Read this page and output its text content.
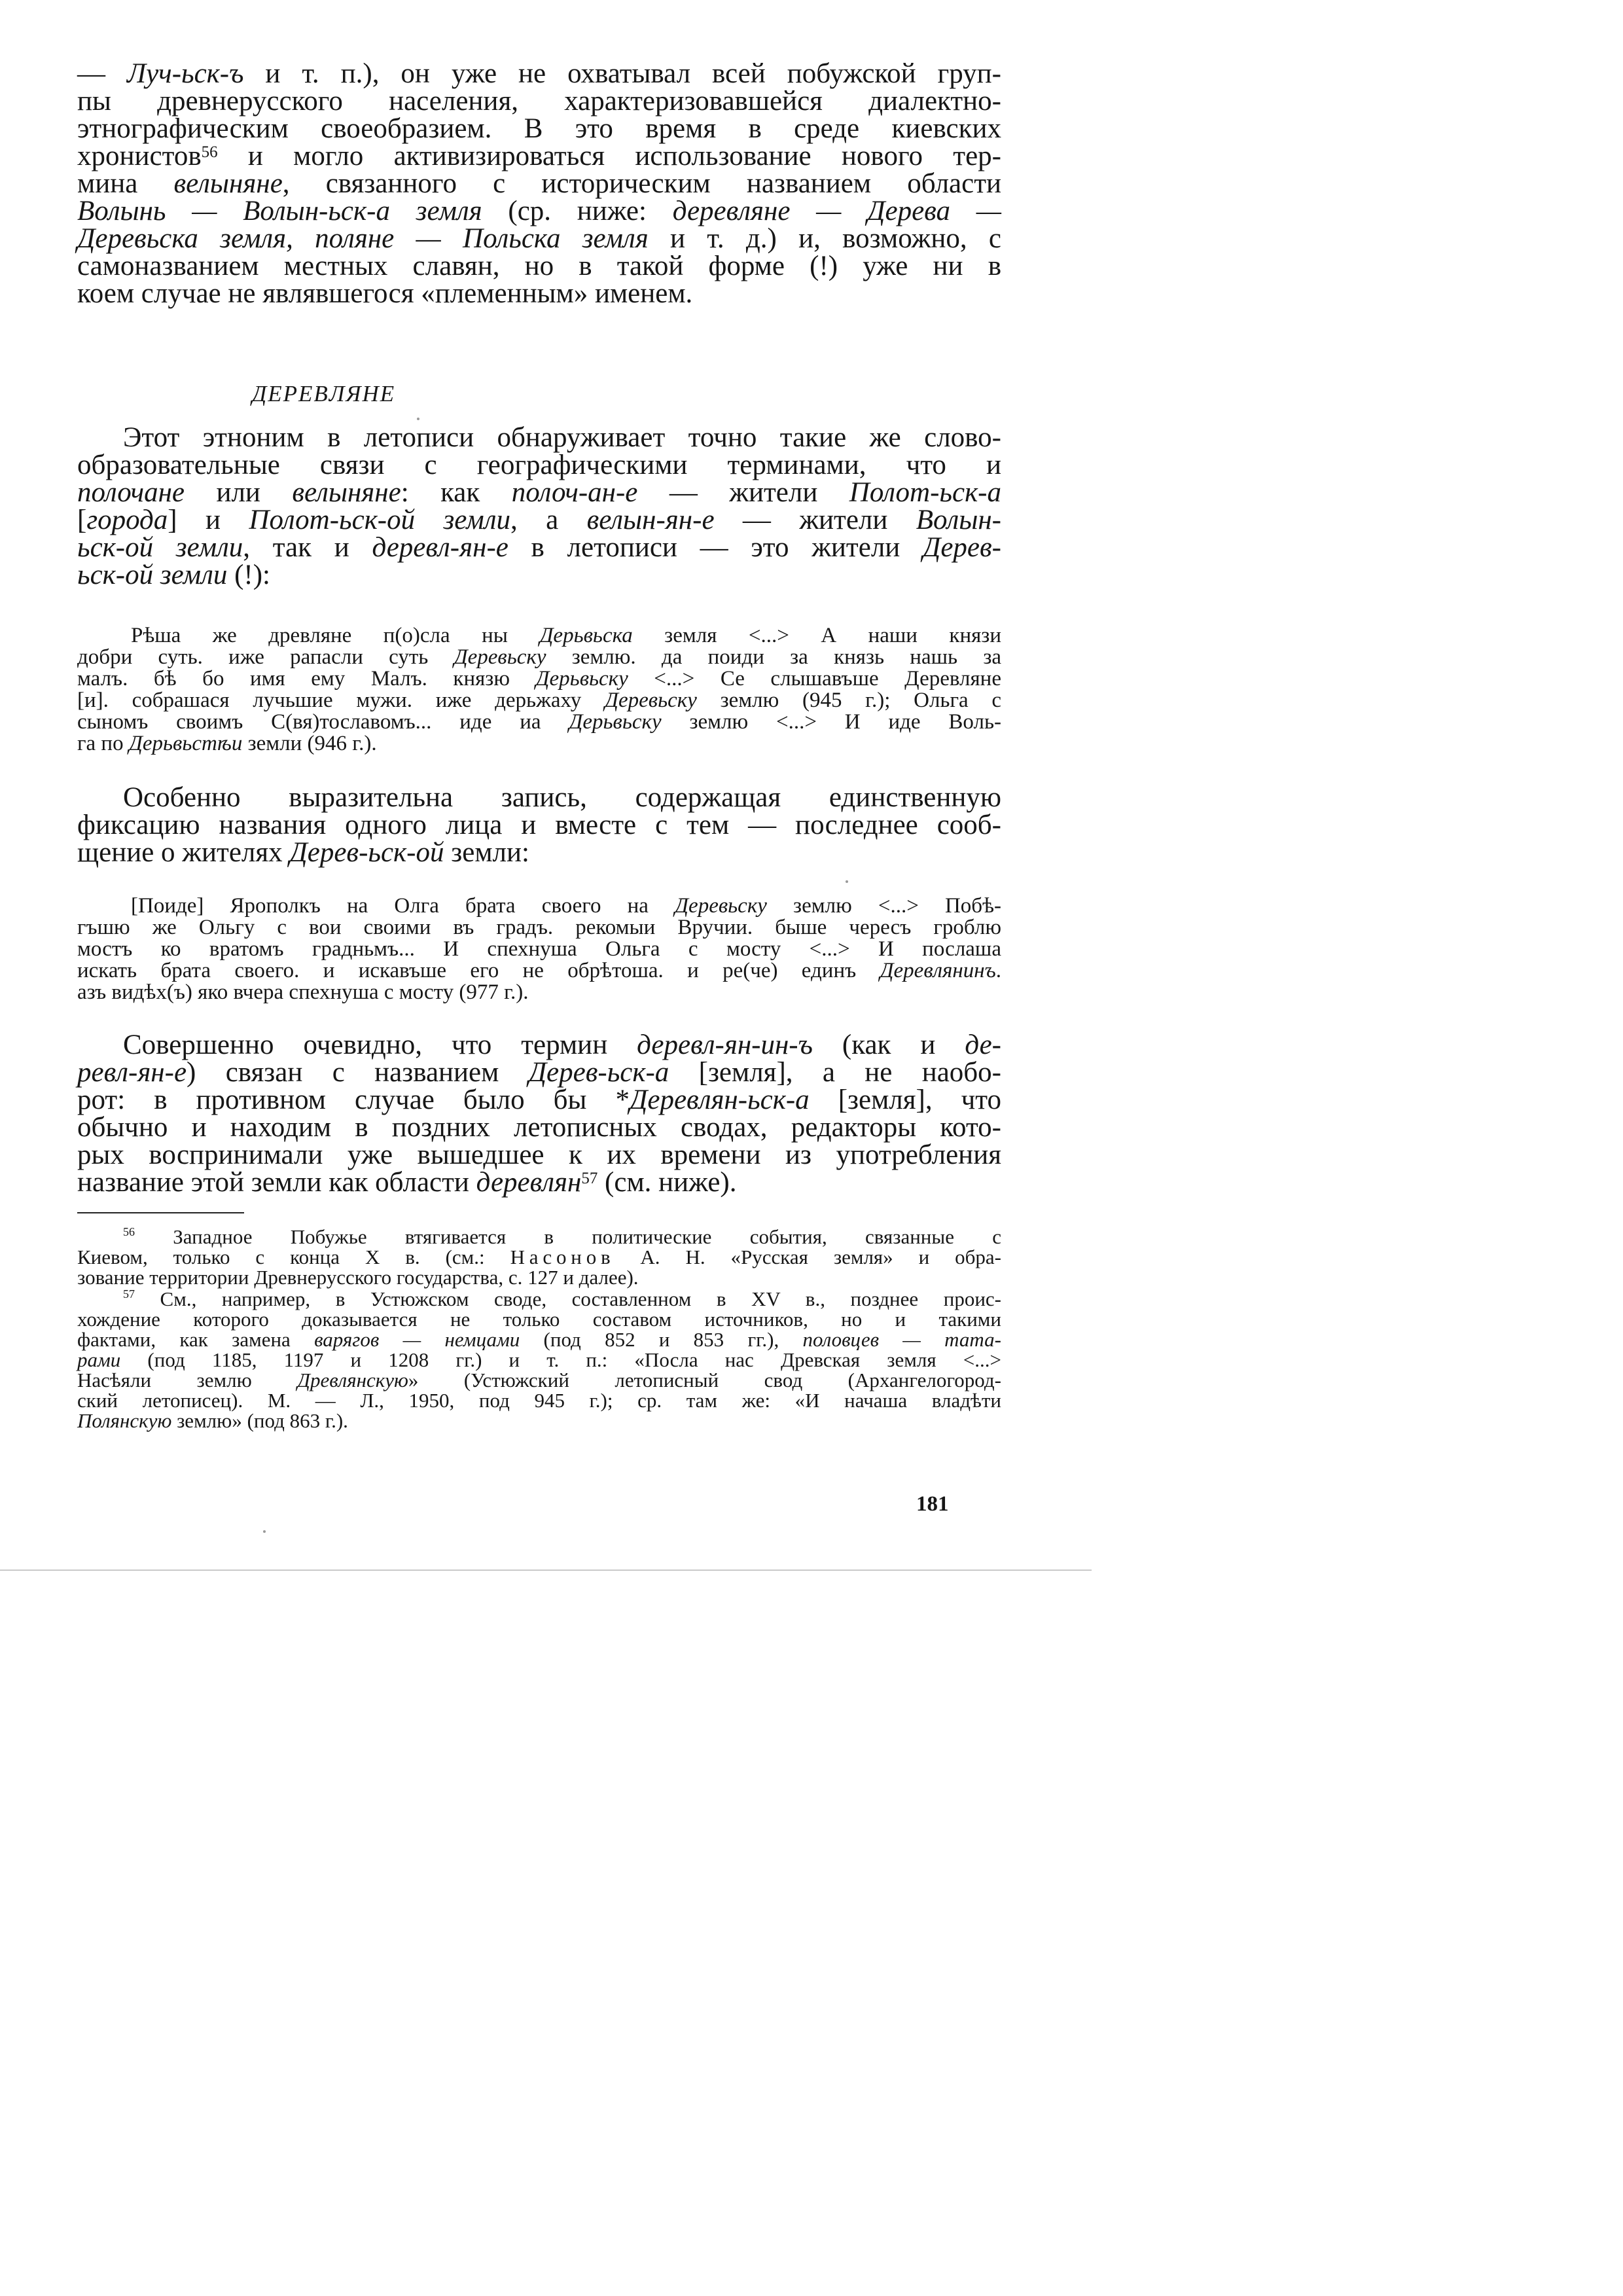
— Луч-ьск-ъ и т. п.), он уже не охватывал всей побужской груп-

пы древнерусского населения, характеризовавшейся диалектно-

этнографическим своеобразием. В это время в среде киевских

хронистов$^{56}$ и могло активизироваться использование нового тер-

мина велыняне, связанного с историческим названием области

Волынь — Волын-ьск-а земля (ср. ниже: деревляне — Дерева —

Деревьска земля, поляне — Польска земля и т. д.) и, возможно, с

самоназванием местных славян, но в такой форме (!) уже ни в

коем случае не являвшегося «племенным» именем.

ДЕРЕВЛЯНЕ

Этот этноним в летописи обнаруживает точно такие же слово-

образовательные связи с географическими терминами, что и

полочане или велыняне: как полоч-ан-е — жители Полот-ьск-а

[города] и Полот-ьск-ой земли, а велын-ян-е — жители Волын-

ьск-ой земли, так и деревл-ян-е в летописи — это жители Дерев-

ьск-ой земли (!):

Рѣша же древляне п(о)сла ны Дерьвьска земля <...> А наши князи

добри суть. иже рапасли суть Деревьску землю. да поиди за князь нашь за

малъ. бѣ бо имя ему Малъ. князю Дерьвьску <...> Се слышавъше Деревляне

[и]. собрашася лучьшие мужи. иже дерьжаху Деревьску землю (945 г.); Ольга с

сыномъ своимъ С(вя)тославомъ... иде иа Дерьвьску землю <...> И иде Воль-

га по Дерьвьстѣи земли (946 г.).

Особенно выразительна запись, содержащая единственную

фиксацию названия одного лица и вместе с тем — последнее сооб-

щение о жителях Дерев-ьск-ой земли:

[Поиде] Ярополкъ на Олга брата своего на Деревьску землю <...> Побѣ-

гъшю же Ольгу с вои своими въ градъ. рекомыи Вручии. быше чересъ гроблю

мостъ ко вратомъ градньмъ... И спехнуша Ольга с мосту <...> И послаша

искать брата своего. и искавъше его не обрѣтоша. и ре(че) единъ Деревлянинъ.

азъ видѣх(ъ) яко вчера спехнуша с мосту (977 г.).

Совершенно очевидно, что термин деревл-ян-ин-ъ (как и де-

ревл-ян-е) связан с названием Дерев-ьск-а [земля], а не наобо-

рот: в противном случае было бы *Деревлян-ьск-а [земля], что

обычно и находим в поздних летописных сводах, редакторы кото-

рых воспринимали уже вышедшее к их времени из употребления

название этой земли как области деревлян$^{57}$ (см. ниже).

$^{56}$ Западное Побужье втягивается в политические события, связанные с

Киевом, только с конца X в. (см.: Насонов А. Н. «Русская земля» и обра-

зование территории Древнерусского государства, с. 127 и далее).

$^{57}$ См., например, в Устюжском своде, составленном в XV в., позднее проис-

хождение которого доказывается не только составом источников, но и такими

фактами, как замена варягов — немцами (под 852 и 853 гг.), половцев — тата-

рами (под 1185, 1197 и 1208 гг.) и т. п.: «Посла нас Древская земля <...>

Насѣяли землю Древлянскую» (Устюжский летописный свод (Архангелогород-

ский летописец). М. — Л., 1950, под 945 г.); ср. там же: «И начаша владѣти

Полянскую землю» (под 863 г.).

181
